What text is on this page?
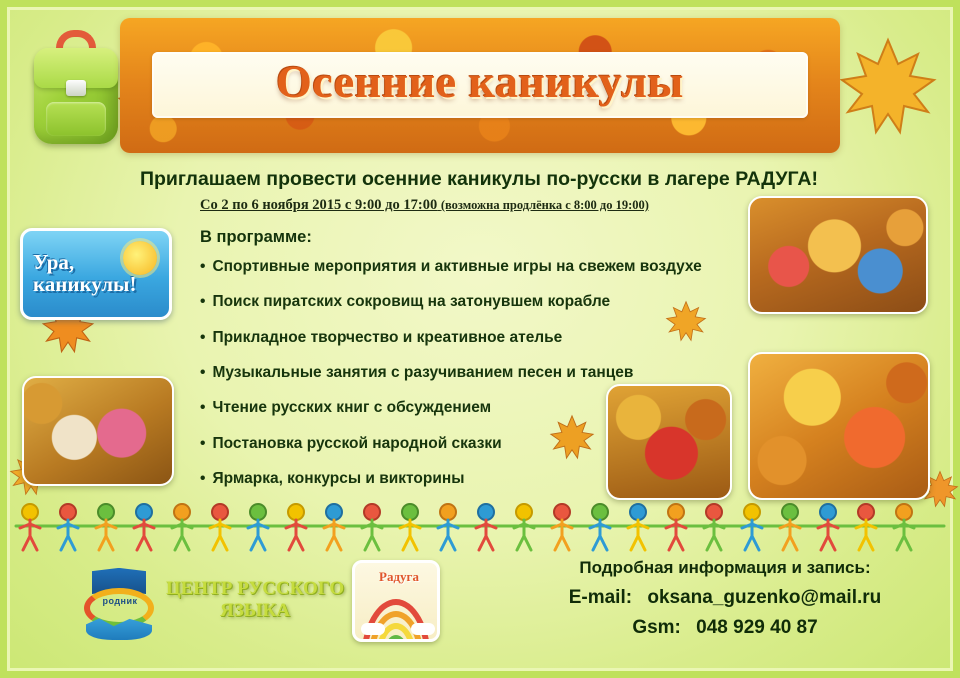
Осенние каникулы
Приглашаем провести осенние каникулы по-русски в лагере РАДУГА!
Со 2 по 6 ноября 2015 с 9:00 до 17:00 (возможна продлёнка с 8:00 до 19:00)
В программе:
• Спортивные мероприятия и активные игры на свежем воздухе
• Поиск пиратских сокровищ на затонувшем корабле
• Прикладное творчество и креативное ателье
• Музыкальные занятия с разучиванием песен и танцев
• Чтение русских книг с обсуждением
• Постановка русской народной сказки
• Ярмарка, конкурсы и викторины
Ура,
каникулы!
родник
ЦЕНТР РУССКОГО
ЯЗЫКА
Радуга	Подробная информация и запись:
E-mail: oksana_guzenko@mail.ru
Gsm: 048 929 40 87
